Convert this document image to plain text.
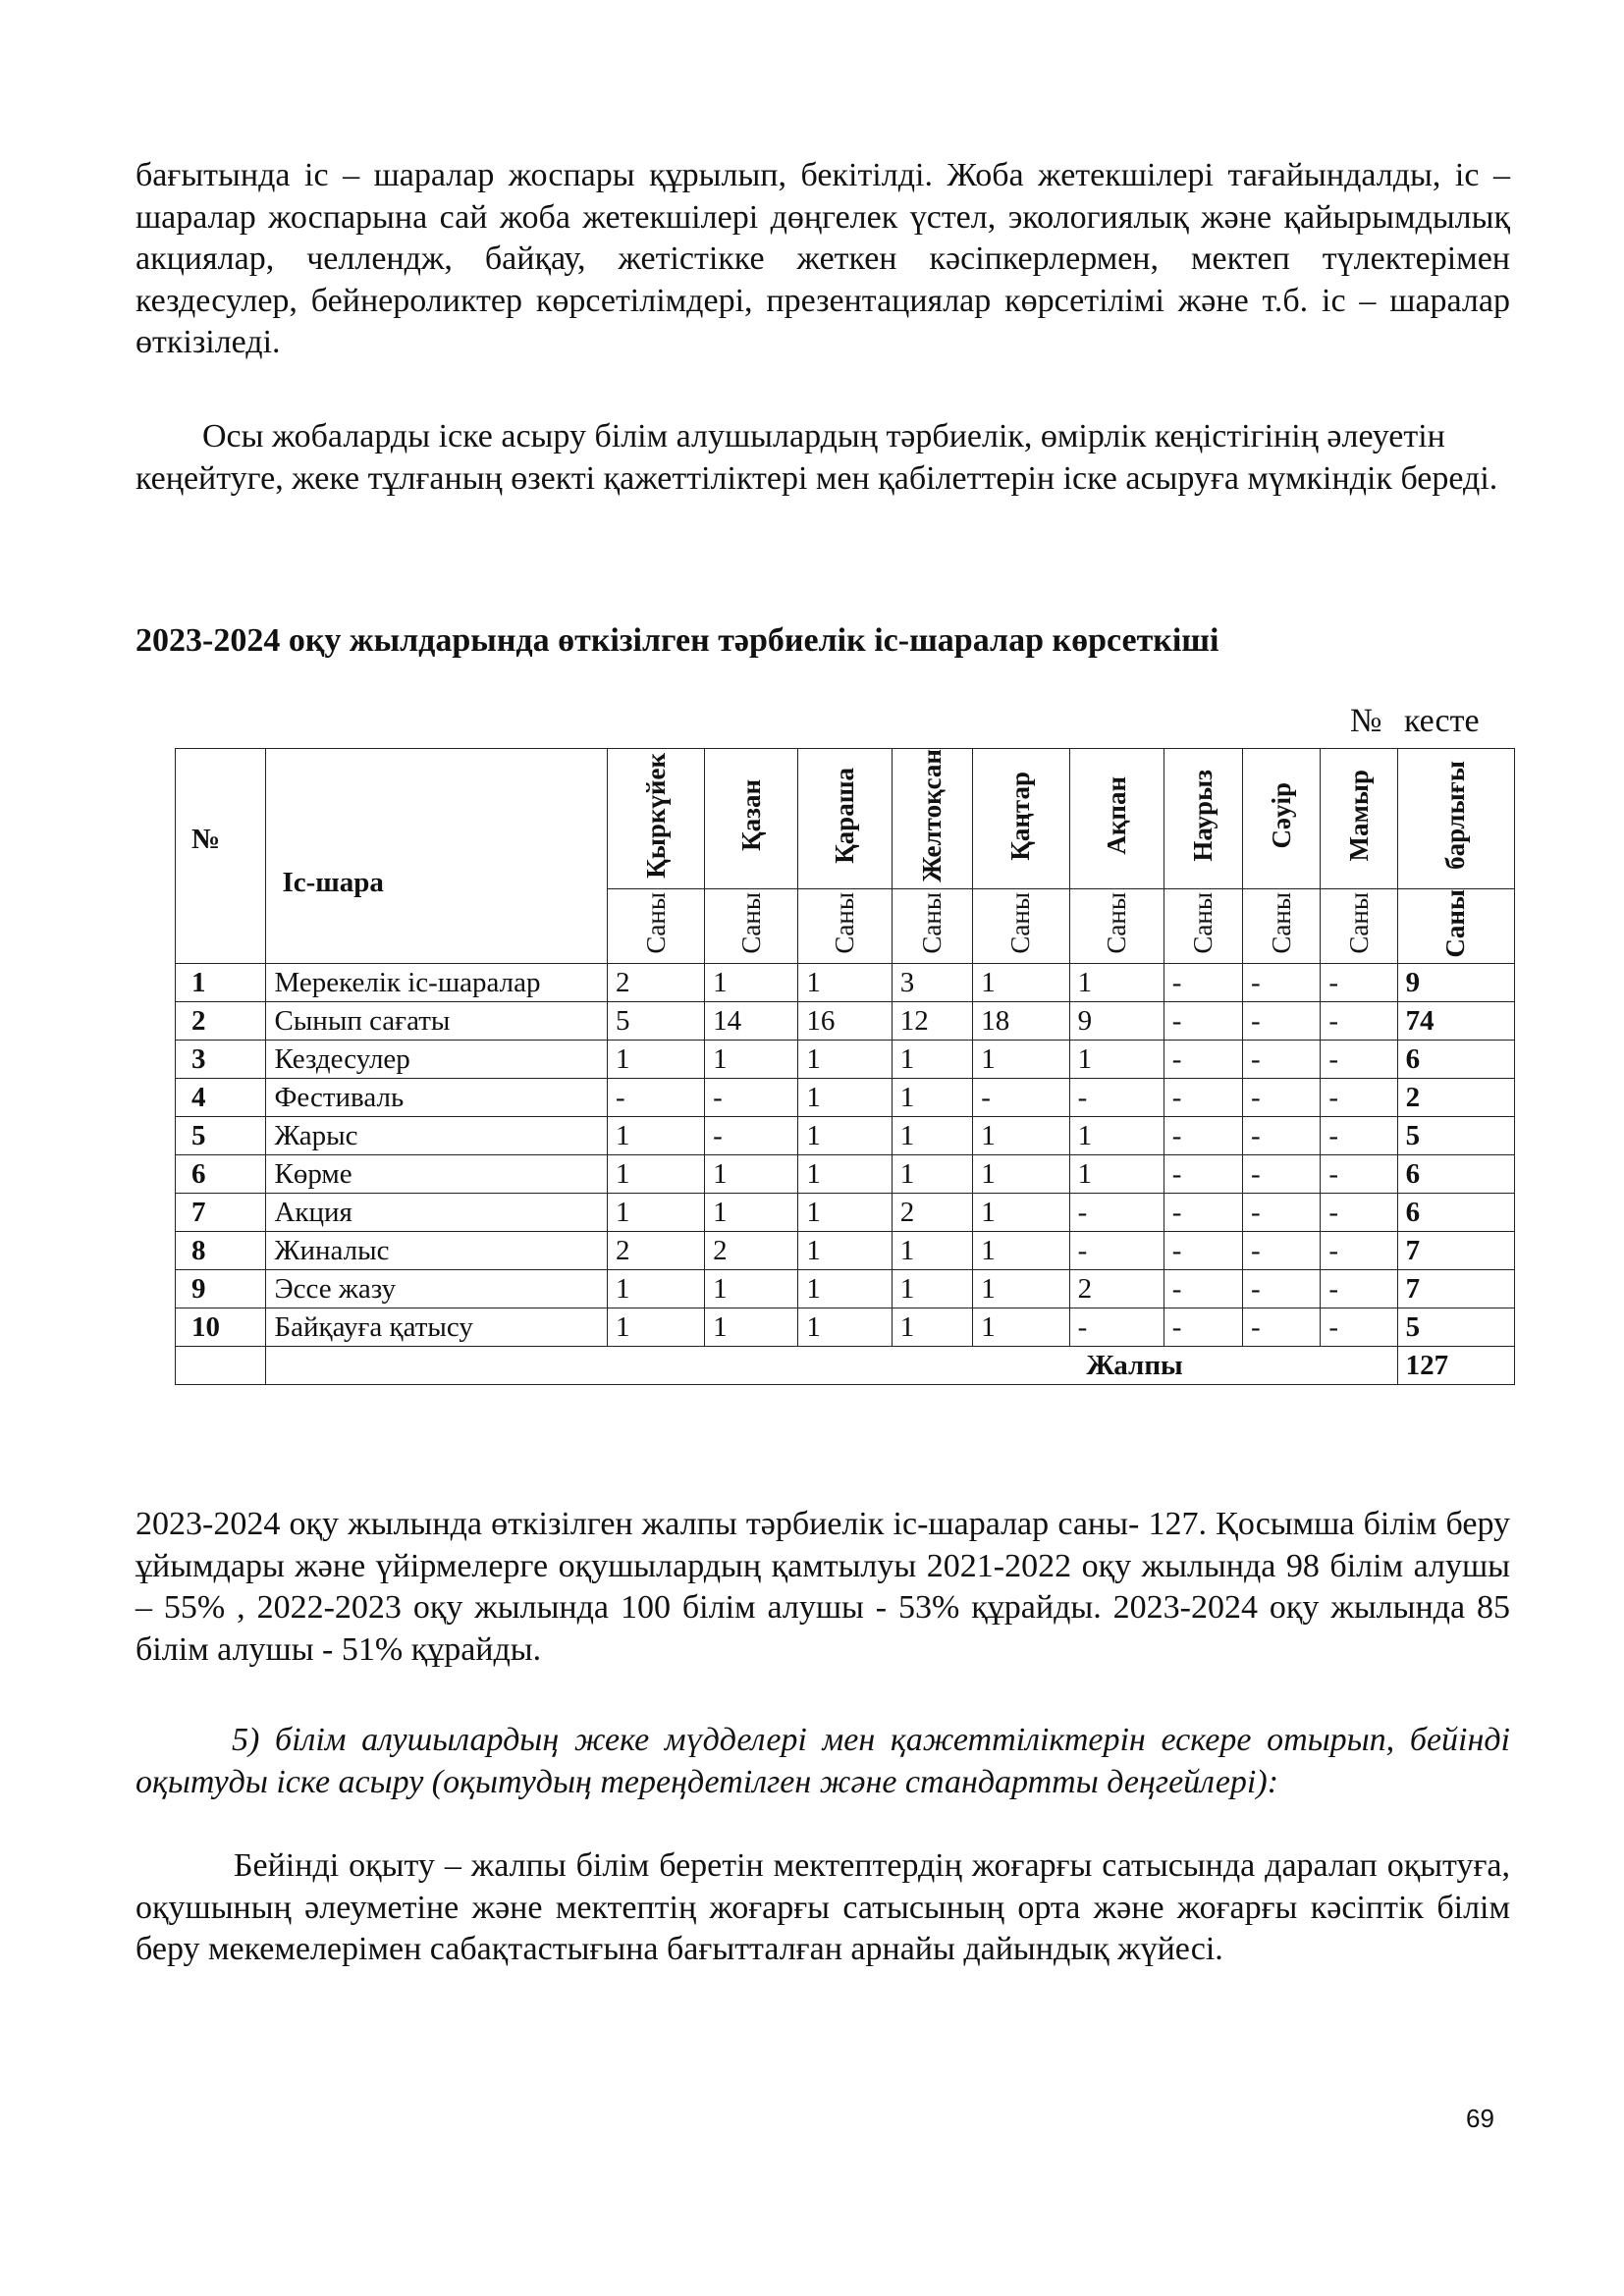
бағытында іс – шаралар жоспары құрылып, бекітілді. Жоба жетекшілері тағайындалды, іс – шаралар жоспарына сай жоба жетекшілері дөңгелек үстел, экологиялық және қайырымдылық акциялар, челлендж, байқау, жетістікке жеткен кәсіпкерлермен, мектеп түлектерімен кездесулер, бейнероликтер көрсетілімдері, презентациялар көрсетілімі және т.б. іс – шаралар өткізіледі.

Осы жобаларды іске асыру білім алушылардың тәрбиелік, өмірлік кеңістігінің әлеуетін кеңейтуге, жеке тұлғаның өзекті қажеттіліктері мен қабілеттерін іске асыруға мүмкіндік береді.

2023-2024 оқу жылдарында өткізілген тәрбиелік іс-шаралар көрсеткіші

№ кесте
№	Іс-шара	Қыркүйек	Қазан	Қараша	Желтоқсан	Қаңтар	Ақпан	Наурыз	Сәуір	Мамыр	барлығы
		Саны	Саны	Саны	Саны	Саны	Саны	Саны	Саны	Саны	Саны
1	Мерекелік іс-шаралар	2	1	1	3	1	1	-	-	-	9
2	Сынып сағаты	5	14	16	12	18	9	-	-	-	74
3	Кездесулер	1	1	1	1	1	1	-	-	-	6
4	Фестиваль	-	-	1	1	-	-	-	-	-	2
5	Жарыс	1	-	1	1	1	1	-	-	-	5
6	Көрме	1	1	1	1	1	1	-	-	-	6
7	Акция	1	1	1	2	1	-	-	-	-	6
8	Жиналыс	2	2	1	1	1	-	-	-	-	7
9	Эссе жазу	1	1	1	1	1	2	-	-	-	7
10	Байқауға қатысу	1	1	1	1	1	-	-	-	-	5
	Жалпы										127

2023-2024 оқу жылында өткізілген жалпы тәрбиелік іс-шаралар саны- 127. Қосымша білім беру ұйымдары және үйірмелерге оқушылардың қамтылуы 2021-2022 оқу жылында 98 білім алушы – 55% , 2022-2023 оқу жылында 100 білім алушы - 53% құрайды. 2023-2024 оқу жылында 85 білім алушы - 51% құрайды.

5) білім алушылардың жеке мүдделері мен қажеттіліктерін ескере отырып, бейінді оқытуды іске асыру (оқытудың тереңдетілген және стандартты деңгейлері):

Бейінді оқыту – жалпы білім беретін мектептердің жоғарғы сатысында даралап оқытуға, оқушының әлеуметіне және мектептің жоғарғы сатысының орта және жоғарғы кәсіптік білім беру мекемелерімен сабақтастығына бағытталған арнайы дайындық жүйесі.

69
